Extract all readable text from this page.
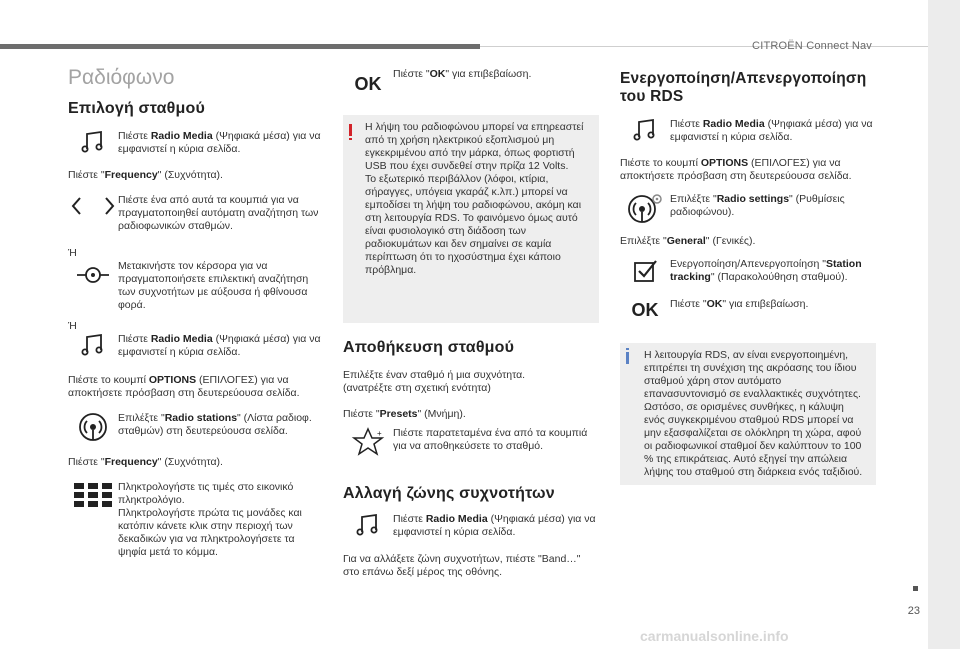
CITROËN Connect Nav
23
carmanualsonline.info
Ραδιόφωνο
Επιλογή σταθμού
Πιέστε Radio Media (Ψηφιακά μέσα) για να εμφανιστεί η κύρια σελίδα.
Πιέστε "Frequency" (Συχνότητα).
Πιέστε ένα από αυτά τα κουμπιά για να πραγματοποιηθεί αυτόματη αναζήτηση των ραδιοφωνικών σταθμών.
Ή
Μετακινήστε τον κέρσορα για να πραγματοποιήσετε επιλεκτική αναζήτηση των συχνοτήτων με αύξουσα ή φθίνουσα φορά.
Ή
Πιέστε Radio Media (Ψηφιακά μέσα) για να εμφανιστεί η κύρια σελίδα.
Πιέστε το κουμπί OPTIONS (ΕΠΙΛΟΓΕΣ) για να αποκτήσετε πρόσβαση στη δευτερεύουσα σελίδα.
Επιλέξτε "Radio stations" (Λίστα ραδιοφ. σταθμών) στη δευτερεύουσα σελίδα.
Πιέστε "Frequency" (Συχνότητα).
Πληκτρολογήστε τις τιμές στο εικονικό πληκτρολόγιο.
Πληκτρολογήστε πρώτα τις μονάδες και κατόπιν κάνετε κλικ στην περιοχή των δεκαδικών για να πληκτρολογήσετε τα ψηφία μετά το κόμμα.
OK Πιέστε "OK" για επιβεβαίωση.
Η λήψη του ραδιοφώνου μπορεί να επηρεαστεί από τη χρήση ηλεκτρικού εξοπλισμού μη εγκεκριμένου από την μάρκα, όπως φορτιστή USB που έχει συνδεθεί στην πρίζα 12 Volts.
Το εξωτερικό περιβάλλον (λόφοι, κτίρια, σήραγγες, υπόγεια γκαράζ κ.λπ.) μπορεί να εμποδίσει τη λήψη του ραδιοφώνου, ακόμη και στη λειτουργία RDS. Το φαινόμενο όμως αυτό είναι φυσιολογικό στη διάδοση των ραδιοκυμάτων και δεν σημαίνει σε καμία περίπτωση ότι το ηχοσύστημα έχει κάποιο πρόβλημα.
Αποθήκευση σταθμού
Επιλέξτε έναν σταθμό ή μια συχνότητα.
(ανατρέξτε στη σχετική ενότητα)
Πιέστε "Presets" (Μνήμη).
+ Πιέστε παρατεταμένα ένα από τα κουμπιά για να αποθηκεύσετε το σταθμό.
Αλλαγή ζώνης συχνοτήτων
Πιέστε Radio Media (Ψηφιακά μέσα) για να εμφανιστεί η κύρια σελίδα.
Για να αλλάξετε ζώνη συχνοτήτων, πιέστε "Band…" στο επάνω δεξί μέρος της οθόνης.
Ενεργοποίηση/Απενεργοποίηση του RDS
Πιέστε Radio Media (Ψηφιακά μέσα) για να εμφανιστεί η κύρια σελίδα.
Πιέστε το κουμπί OPTIONS (ΕΠΙΛΟΓΕΣ) για να αποκτήσετε πρόσβαση στη δευτερεύουσα σελίδα.
Επιλέξτε "Radio settings" (Ρυθμίσεις ραδιοφώνου).
Επιλέξτε "General" (Γενικές).
Ενεργοποίηση/Απενεργοποίηση "Station tracking" (Παρακολούθηση σταθμού).
OK Πιέστε "OK" για επιβεβαίωση.
Η λειτουργία RDS, αν είναι ενεργοποιημένη, επιτρέπει τη συνέχιση της ακρόασης του ίδιου σταθμού χάρη στον αυτόματο επανασυντονισμό σε εναλλακτικές συχνότητες. Ωστόσο, σε ορισμένες συνθήκες, η κάλυψη ενός συγκεκριμένου σταθμού RDS μπορεί να μην εξασφαλίζεται σε ολόκληρη τη χώρα, αφού οι ραδιοφωνικοί σταθμοί δεν καλύπτουν το 100 % της επικράτειας. Αυτό εξηγεί την απώλεια λήψης του σταθμού στη διάρκεια ενός ταξιδιού.
